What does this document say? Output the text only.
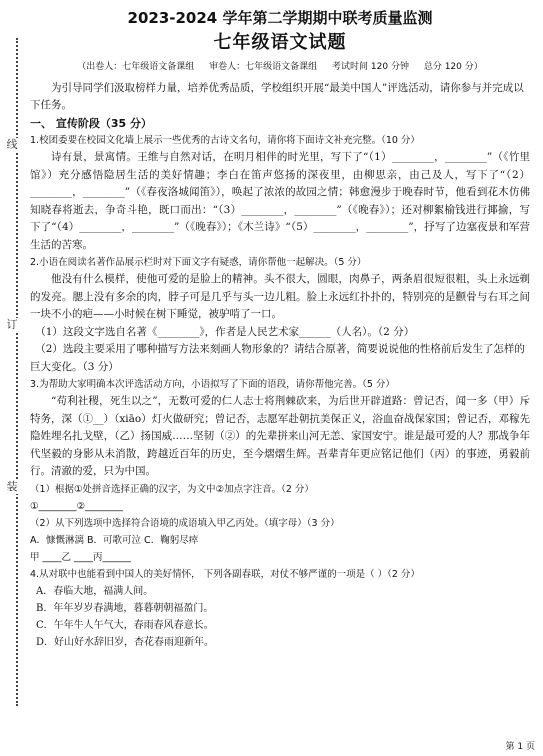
线
订
装
2023-2024 学年第二学期期中联考质量监测
七年级语文试题
（出卷人：七年级语文备课组 审卷人：七年级语文备课组 考试时间 120 分钟 总分 120 分）
为引导同学们汲取榜样力量，培养优秀品质，学校组织开展“最美中国人”评选活动，请你参与并完成以下任务。
一、 宣传阶段（35 分）
1.校团委要在校园文化墙上展示一些优秀的古诗文名句，请你将下面诗文补充完整。（10 分）
诗有景，景寓情。王维与自然对话，在明月相伴的时光里，写下了“（1）________，________”（《竹里馆》）充分感悟隐居生活的美好情趣；李白在笛声悠扬的深夜里，由柳思亲，由己及人，写下了“（2）________，________”（《春夜洛城闻笛》），唤起了浓浓的故园之情；韩愈漫步于晚春时节，他看到花木仿佛知晓春将逝去，争奇斗艳，既口而出：“（3）________，________”（《晚春》）；还对柳絮榆钱进行揶揄，写下了“（4）________，________”（《晚春》）；《木兰诗》“（5）________，________”，抒写了边塞夜景和军营生活的苦寒。
2.小语在阅读名著作品展示栏时对下面文字有疑惑，请你帮他一起解决。（5 分）
他没有什么模样，使他可爱的是脸上的精神。头不很大，圆眼，肉鼻子，两条眉很短很粗，头上永远剃的发亮。腮上没有多余的肉，脖子可是几乎与头一边儿粗。脸上永远红扑扑的，特别亮的是颧骨与右耳之间一块不小的疤——小时候在树下睡觉，被驴啃了一口。
（1）这段文字选自名著《________》，作者是人民艺术家______（人名）。（2 分）
（2）选段主要采用了哪种描写方法来刻画人物形象的？请结合原著，简要说说他的性格前后发生了怎样的巨大变化。（3 分）
3.为帮助大家明确本次评选活动方向，小语拟写了下面的语段，请你帮他完善。（5 分）
“苟利社稷，死生以之”，无数可爱的仁人志士将荆棘砍来，为后世开辟道路：曾记否，闻一多（甲）斥特务，深（①__）（xiāo）灯火做研究；曾记否，志愿军赴朝抗美保正义，浴血奋战保家国；曾记否，邓稼先隐姓埋名扎戈壁，（乙）扬国威……坚韧（②）的先辈拼来山河无恙、家国安宁。谁是最可爱的人？那战争年代坚毅的身影从未消散，跨越近百年的历史，至今熠熠生辉。吾辈青年更应铭记他们（丙）的事迹，勇毅前行。清澈的爱，只为中国。
（1）根据①处拼音选择正确的汉字，为文中②加点字注音。（2 分）
①________②________
（2）从下列选项中选择符合语境的成语填入甲乙丙处。（填字母）（3 分）
A．慷慨淋漓 B．可歌可泣 C．鞠躬尽瘁
甲 ____乙 ____丙______
4.从对联中也能看到中国人的美好情怀， 下列各副春联，对仗不够严谨的一项是（ ）（2 分）
A．春临大地，福满人间。
B．年年岁岁春满地，暮暮朝朝福盈门。
C．午年牛人午气大，春雨春风春意长。
D．好山好水辞旧岁，杏花春雨迎新年。
第 1 页
